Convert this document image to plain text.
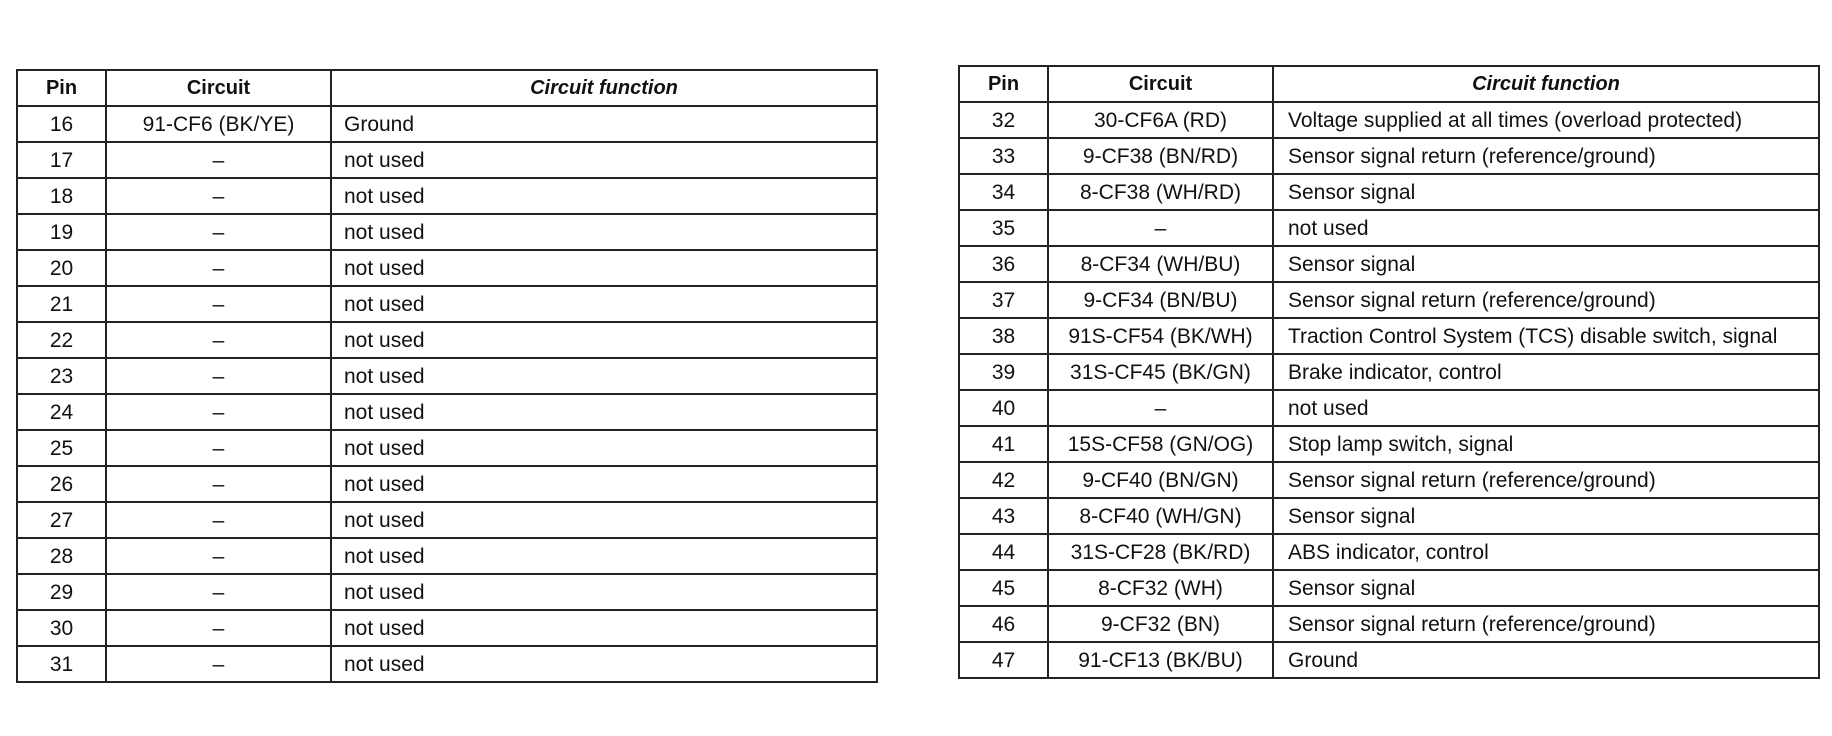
Pin	Circuit	Circuit function
16	91-CF6 (BK/YE)	Ground
17	–	not used
18	–	not used
19	–	not used
20	–	not used
21	–	not used
22	–	not used
23	–	not used
24	–	not used
25	–	not used
26	–	not used
27	–	not used
28	–	not used
29	–	not used
30	–	not used
31	–	not used
Pin	Circuit	Circuit function
32	30-CF6A (RD)	Voltage supplied at all times (overload protected)
33	9-CF38 (BN/RD)	Sensor signal return (reference/ground)
34	8-CF38 (WH/RD)	Sensor signal
35	–	not used
36	8-CF34 (WH/BU)	Sensor signal
37	9-CF34 (BN/BU)	Sensor signal return (reference/ground)
38	91S-CF54 (BK/WH)	Traction Control System (TCS) disable switch, signal
39	31S-CF45 (BK/GN)	Brake indicator, control
40	–	not used
41	15S-CF58 (GN/OG)	Stop lamp switch, signal
42	9-CF40 (BN/GN)	Sensor signal return (reference/ground)
43	8-CF40 (WH/GN)	Sensor signal
44	31S-CF28 (BK/RD)	ABS indicator, control
45	8-CF32 (WH)	Sensor signal
46	9-CF32 (BN)	Sensor signal return (reference/ground)
47	91-CF13 (BK/BU)	Ground
